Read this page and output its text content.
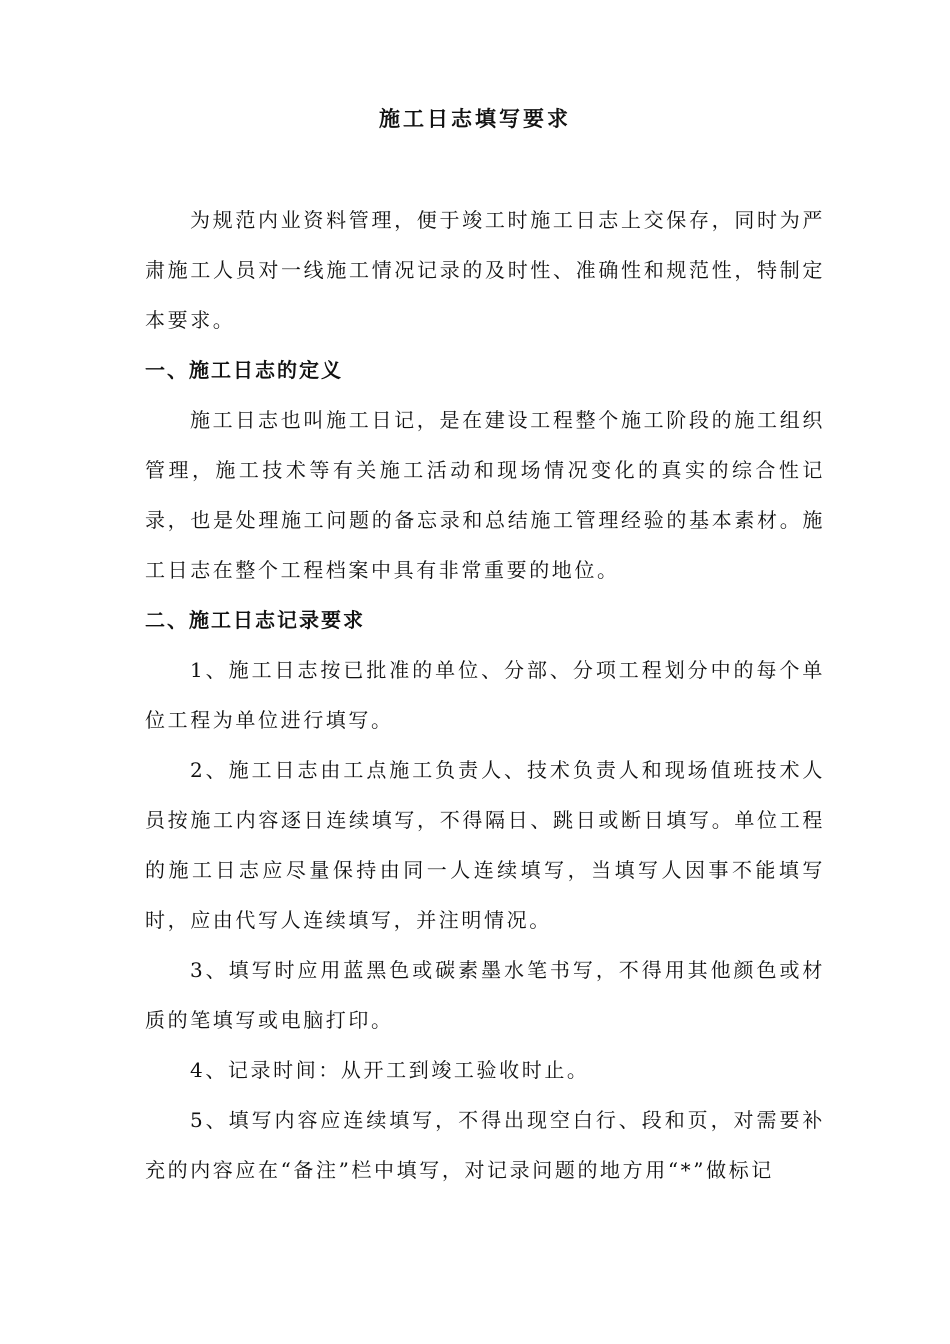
施工日志填写要求

为规范内业资料管理，便于竣工时施工日志上交保存，同时为严肃施工人员对一线施工情况记录的及时性、准确性和规范性，特制定本要求。

一、施工日志的定义

施工日志也叫施工日记，是在建设工程整个施工阶段的施工组织管理，施工技术等有关施工活动和现场情况变化的真实的综合性记录，也是处理施工问题的备忘录和总结施工管理经验的基本素材。施工日志在整个工程档案中具有非常重要的地位。

二、施工日志记录要求

1、施工日志按已批准的单位、分部、分项工程划分中的每个单位工程为单位进行填写。

2、施工日志由工点施工负责人、技术负责人和现场值班技术人员按施工内容逐日连续填写，不得隔日、跳日或断日填写。单位工程的施工日志应尽量保持由同一人连续填写，当填写人因事不能填写时，应由代写人连续填写，并注明情况。

3、填写时应用蓝黑色或碳素墨水笔书写，不得用其他颜色或材质的笔填写或电脑打印。

4、记录时间：从开工到竣工验收时止。

5、填写内容应连续填写，不得出现空白行、段和页，对需要补充的内容应在“备注”栏中填写，对记录问题的地方用“*”做标记
